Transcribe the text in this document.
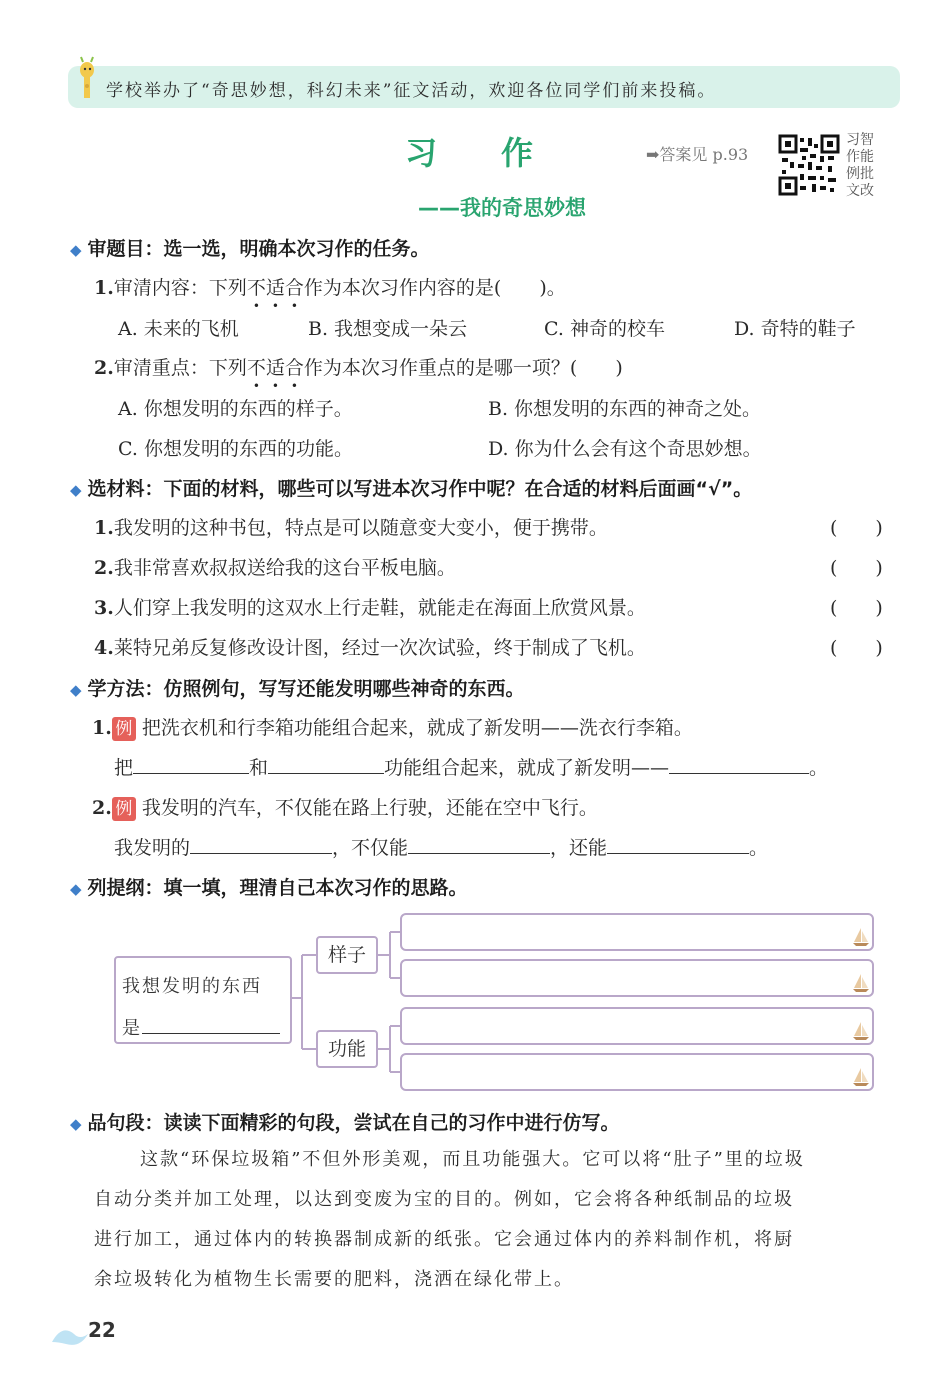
学校举办了“奇思妙想，科幻未来”征文活动，欢迎各位同学们前来投稿。
习作	➡答案见 p.93
习智作能例批文改
——我的奇思妙想
◆ 审题目：选一选，明确本次习作的任务。
1.审清内容：下列不适合作为本次习作内容的是(　　)。
A. 未来的飞机	B. 我想变成一朵云	C. 神奇的校车	D. 奇特的鞋子
2.审清重点：下列不适合作为本次习作重点的是哪一项？(　　)
A. 你想发明的东西的样子。	B. 你想发明的东西的神奇之处。
C. 你想发明的东西的功能。	D. 你为什么会有这个奇思妙想。
◆ 选材料：下面的材料，哪些可以写进本次习作中呢？在合适的材料后面画“√”。
1.我发明的这种书包，特点是可以随意变大变小，便于携带。	(　　)
2.我非常喜欢叔叔送给我的这台平板电脑。	(　　)
3.人们穿上我发明的这双水上行走鞋，就能走在海面上欣赏风景。	(　　)
4.莱特兄弟反复修改设计图，经过一次次试验，终于制成了飞机。	(　　)
◆ 学方法：仿照例句，写写还能发明哪些神奇的东西。
1. 例 把洗衣机和行李箱功能组合起来，就成了新发明——洗衣行李箱。
把	和	功能组合起来，就成了新发明——	。
2. 例 我发明的汽车，不仅能在路上行驶，还能在空中飞行。
我发明的	，不仅能	，还能	。
◆ 列提纲：填一填，理清自己本次习作的思路。
我想发明的东西
是
样子
功能
◆ 品句段：读读下面精彩的句段，尝试在自己的习作中进行仿写。
这款“环保垃圾箱”不但外形美观，而且功能强大。它可以将“肚子”里的垃圾
自动分类并加工处理，以达到变废为宝的目的。例如，它会将各种纸制品的垃圾
进行加工，通过体内的转换器制成新的纸张。它会通过体内的养料制作机，将厨
余垃圾转化为植物生长需要的肥料，浇洒在绿化带上。
22
